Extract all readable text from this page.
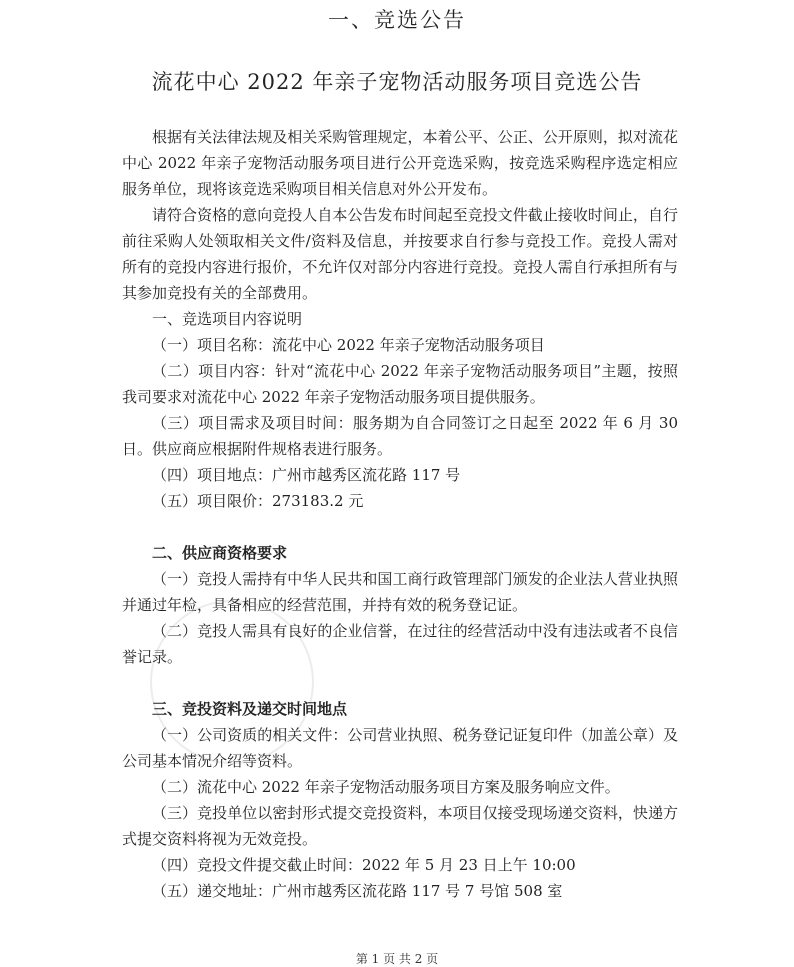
一、竞选公告
流花中心 2022 年亲子宠物活动服务项目竞选公告

根据有关法律法规及相关采购管理规定，本着公平、公正、公开原则，拟对流花中心 2022 年亲子宠物活动服务项目进行公开竞选采购，按竞选采购程序选定相应服务单位，现将该竞选采购项目相关信息对外公开发布。

请符合资格的意向竞投人自本公告发布时间起至竞投文件截止接收时间止，自行前往采购人处领取相关文件/资料及信息，并按要求自行参与竞投工作。竞投人需对所有的竞投内容进行报价，不允许仅对部分内容进行竞投。竞投人需自行承担所有与其参加竞投有关的全部费用。

一、竞选项目内容说明

（一）项目名称：流花中心 2022 年亲子宠物活动服务项目

（二）项目内容：针对“流花中心 2022 年亲子宠物活动服务项目”主题，按照我司要求对流花中心 2022 年亲子宠物活动服务项目提供服务。

（三）项目需求及项目时间：服务期为自合同签订之日起至 2022 年 6 月 30 日。供应商应根据附件规格表进行服务。

（四）项目地点：广州市越秀区流花路 117 号

（五）项目限价：273183.2 元

二、供应商资格要求

（一）竞投人需持有中华人民共和国工商行政管理部门颁发的企业法人营业执照并通过年检，具备相应的经营范围，并持有效的税务登记证。

（二）竞投人需具有良好的企业信誉，在过往的经营活动中没有违法或者不良信誉记录。

三、竞投资料及递交时间地点

（一）公司资质的相关文件：公司营业执照、税务登记证复印件（加盖公章）及公司基本情况介绍等资料。

（二）流花中心 2022 年亲子宠物活动服务项目方案及服务响应文件。

（三）竞投单位以密封形式提交竞投资料，本项目仅接受现场递交资料，快递方式提交资料将视为无效竞投。

（四）竞投文件提交截止时间：2022 年 5 月 23 日上午 10:00

（五）递交地址：广州市越秀区流花路 117 号 7 号馆 508 室

第 1 页 共 2 页
